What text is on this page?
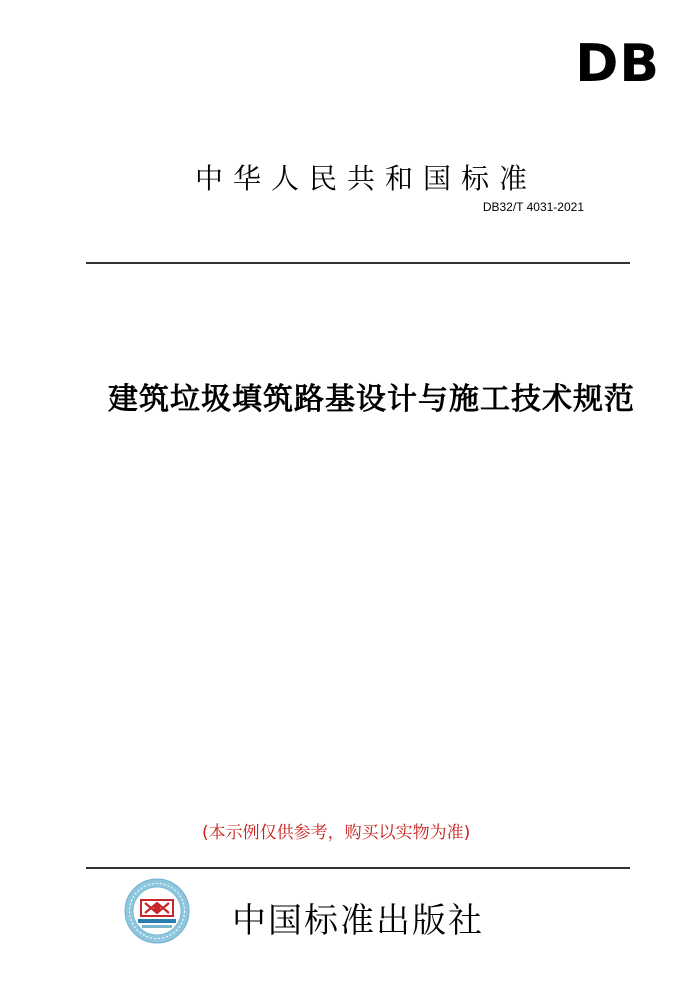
DB
中华人民共和国标准
DB32/T 4031-2021
建筑垃圾填筑路基设计与施工技术规范
(本示例仅供参考，购买以实物为准)
中国标准出版社
